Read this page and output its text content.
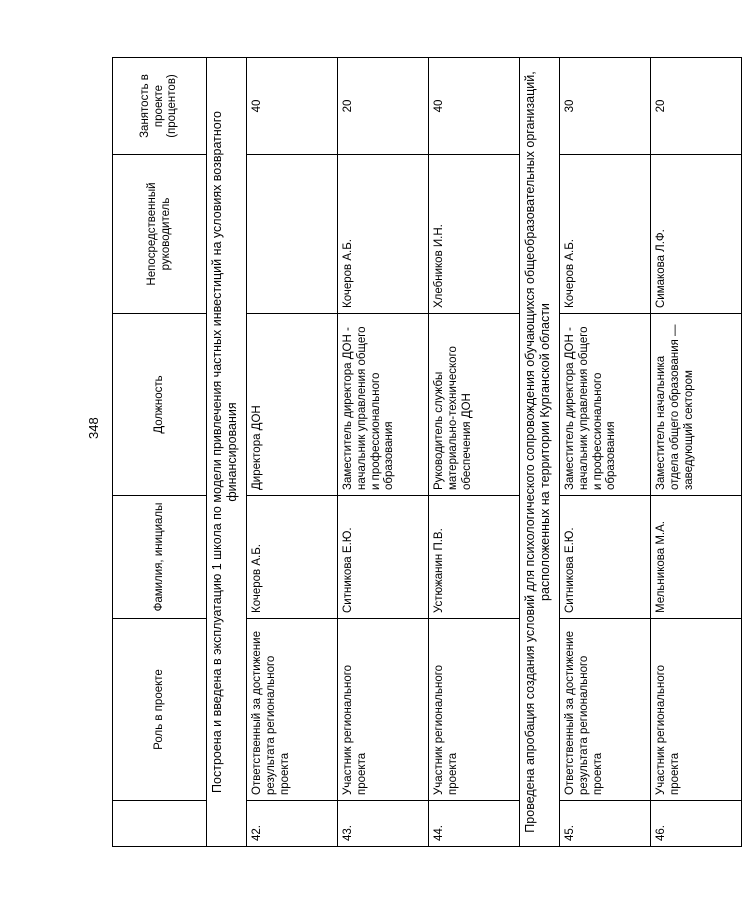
348
	Роль в проекте	Фамилия, инициалы	Должность	Непосредственный руководитель	Занятость в проекте (процентов)
Построена и введена в эксплуатацию 1 школа по модели привлечения частных инвестиций на условиях возвратного финансирования					
42.	Ответственный за достижение результата регионального проекта	Кочеров А.Б.	Директора ДОН		40
43.	Участник регионального проекта	Ситникова Е.Ю.	Заместитель директора ДОН - начальник управления общего и профессионального образования	Кочеров А.Б.	20
44.	Участник регионального проекта	Устюжанин П.В.	Руководитель службы материально-технического обеспечения ДОН	Хлебников И.Н.	40
Проведена апробация создания условий для психологического сопровождения обучающихся общеобразовательных организаций, расположенных на территории Курганской области					
45.	Ответственный за достижение результата регионального проекта	Ситникова Е.Ю.	Заместитель директора ДОН - начальник управления общего и профессионального образования	Кочеров А.Б.	30
46.	Участник регионального проекта	Мельникова М.А.	Заместитель начальника отдела общего образования — заведующий сектором	Симакова Л.Ф.	20
